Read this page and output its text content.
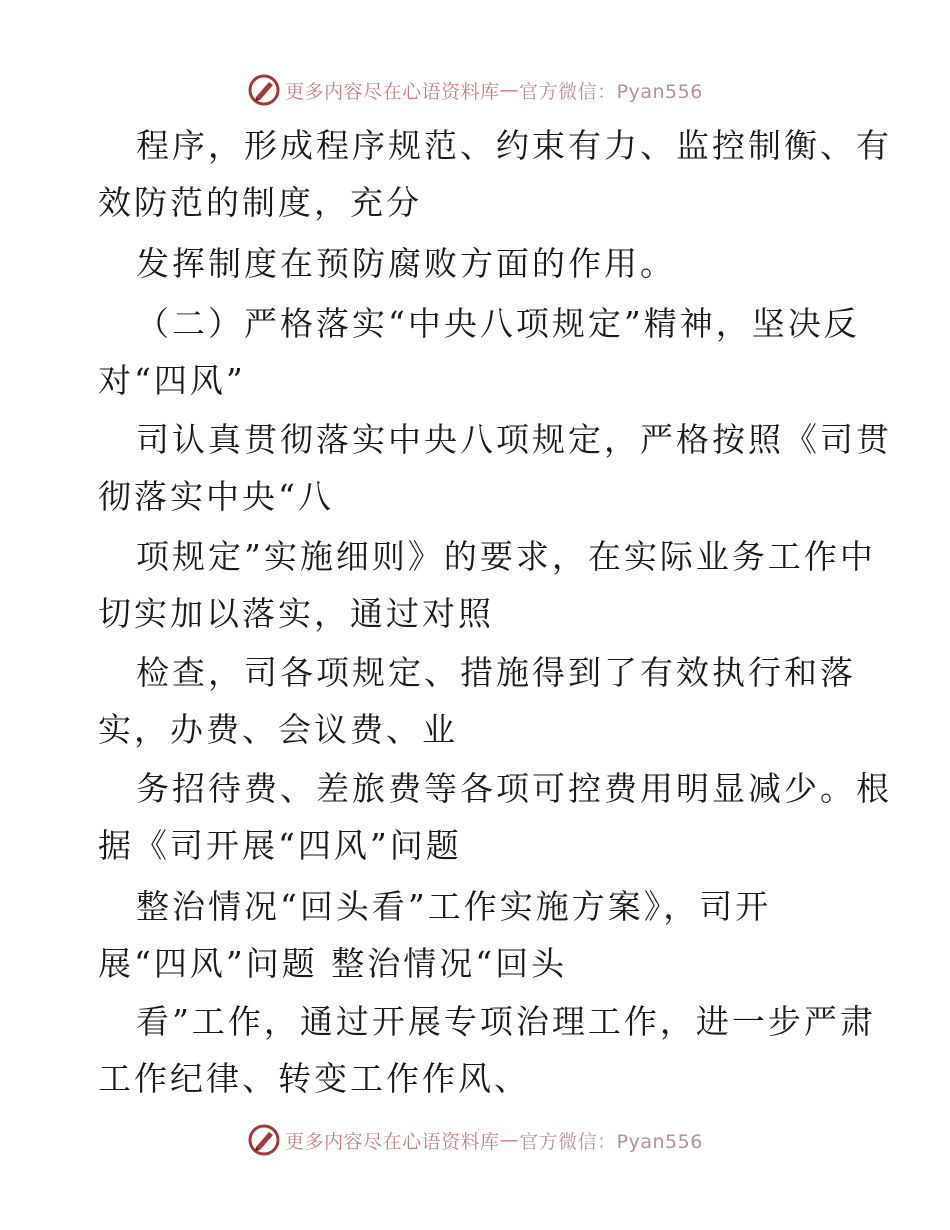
更多内容尽在心语资料库 — 官方微信：Pyan556
程序，形成程序规范、约束有力、监控制衡、有
效防范的制度，充分
发挥制度在预防腐败方面的作用。
（二）严格落实“中央八项规定”精神，坚决反
对“四风”
司认真贯彻落实中央八项规定，严格按照《司贯
彻落实中央“八
项规定”实施细则》的要求，在实际业务工作中
切实加以落实，通过对照
检查，司各项规定、措施得到了有效执行和落
实，办费、会议费、业
务招待费、差旅费等各项可控费用明显减少。根
据《司开展“四风”问题
整治情况“回头看”工作实施方案》，司开
展“四风”问题 整治情况“回头
看”工作，通过开展专项治理工作，进一步严肃
工作纪律、转变工作作风、
更多内容尽在心语资料库 — 官方微信：Pyan556
